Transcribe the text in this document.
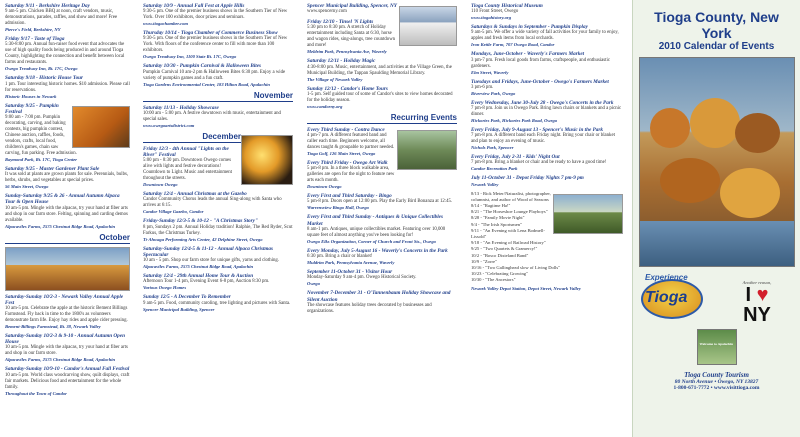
Saturday 9/11 - Berkshire Heritage Day
9 am-5 pm. Chicken BBQ at noon, craft vendors, music, demonstrations, parades, raffles, and show and more! Free admission.
Pierce's Field, Berkshire, NY
Friday 9/17 - Taste of Tioga
5:30-8:00 pm. Annual fun-raiser food event that advocates the use of high quality foods being produced in and around Tioga County, highlighting the connection and benefit between local farms and restaurants.
Owego Treadway Inn, Rt. 17C, Owego
Saturday 9/18 - Historic House Tour
1 pm. Tour interesting historic homes. $10 admission. Please call for reservations.
Historic Houses in Newark
Saturday 9/25 - Pumpkin Festival
9:00 am - 7:00 pm. Pumpkin decorating, carving, and baking contests, big pumpkin contest, Chinese auction, raffles, foods, vendors, crafts, local food, children's games, chain saw carving, fun parking. Free admission.
Raymond Park, Rt. 17C, Tioga Center
Saturday 9/25 - Master Gardener Plant Sale
It was sold at plants are grown plants for sale. Perennials, bulbs, herbs, shrubs, and vegetables at special prices.
56 Main Street, Owego
Sunday-Saturday 9/25 & 26 - Annual Autumn Alpaca Tour & Open House
10 am-5 pm. Mingle with the alpacas, try your hand at fiber arts and shop in our farm store. Felting, spinning and carding demos available.
Alpacaviles Farms, 2575 Chestnut Ridge Road, Apalachin
October
Saturday-Sunday 10/2-3 - Newark Valley Annual Apple Fest
10 am-5 pm. Celebrate the apple at the historic Bement Billings Farmstead. Fly back in time to the 1800's as volunteers demonstrate farm life. Enjoy hay rides and apple cider pressing.
Bement-Billings Farmstead, Rt. 38, Newark Valley
Saturday-Sunday 10/2-3 & 9-10 - Annual Autumn Open House
10 am-5 pm. Mingle with the alpacas, try your hand at fiber arts and shop in our farm store.
Alpacaviles Farms, 2575 Chestnut Ridge Road, Apalachin
Saturday-Sunday 10/9-10 - Candor's Annual Fall Festival
10 am-5 pm. World class woodcarving show, quilt displays, craft fair markets. Delicious food and entertainment for the whole family.
Throughout the Town of Candor
Saturday 10/9 - Annual Fall Fest at Apple Hills
9:30-5 pm. One of the premier business shows in the Southern Tier of New York. Over 100 exhibitors, door prizes and seminars.
www.tiogachamber.com
Thursday 10/14 - Tioga Chamber of Commerce Business Show
9:30-5 pm. One of the premier business shows in the Southern Tier of New York. With floors of the conference center to fill with more than 100 exhibitors.
Owego Treadway Inn, 1100 State Rt. 17C, Owego
Saturday 10/30 - Pumpkin Carnival & Halloween Bites
Pumpkin Carnival 10 am-2 pm & Halloween Bites 6:30 pm. Enjoy a wide variety of pumpkin games and a fun craft.
Tioga Gardens Environmental Center, 183 Hilton Road, Apalachin
November
Saturday 11/13 - Holiday Showcase
10:00 am - 5:00 pm. A festive downtown with music, entertainment and special sales.
www.owegoartsdistrict.com
December
Friday 12/3 - 4th Annual "Lights on the River" Festival
5:00 pm - 8:30 pm. Downtown Owego comes alive with lights and festive decorations! Countdown to Light. Music and entertainment throughout the streets.
Downtown Owego
Saturday 12/4 - Annual Christmas at the Gazebo
Candor Community Chorus leads the annual Sing-along with Santa who arrives at 6:15.
Candor Village Gazebo, Candor
Friday-Sunday 12/3-5 & 10-12 - "A Christmas Story"
8 pm, Sundays 2 pm. Annual Holiday tradition! Ralphie, The Red Ryder, Scut Farkus, the Christmas Turkey.
Ti-Ahwaga Performing Arts Center, 42 Delphine Street, Owego
Saturday-Sunday 12/4-5 & 11-12 - Annual Alpaca Christmas Spectacular
10 am - 5 pm. Shop our farm store for unique gifts, yarns and clothing.
Alpacaviles Farms, 2575 Chestnut Ridge Road, Apalachin
Saturday 12/4 - 29th Annual Home Tour & Auction
Afternoon Tour 1-4 pm, Evening Event 6-8 pm, Auction 8:30 pm.
Various Owego Homes
Sunday 12/5 - A December To Remember
9 am-5 pm. Food, community caroling, tree lighting and pictures with Santa.
Spencer Municipal Building, Spencer
Spencer Municipal Building, Spencer, NY
www.spencerny.com
Friday 12/10 - Tinsel 'N Lights
5:30 pm to 8:30 pm. A stretch of Holiday entertainment including Santa at 6:30, horse and wagon rides, sing-alongs, tree countdown and more!
Meldrim Park, Pennsylvania Ave, Waverly
Saturday 12/11 - Holiday Magic
4:30-8:00 pm. Music, entertainment, and activities at the Village Green, the Municipal Building, the Tappan Spaulding Memorial Library.
The Village of Newark Valley
Sunday 12/12 - Candor's Home Tours
1-5 pm. Self guided tour of some of Candor's sites to view homes decorated for the holiday season.
www.candorny.org
Recurring Events
Every Third Sunday - Contra Dance
4 pm-7 pm. A different featured band and caller each time. Beginners welcome, all dances taught & groupable to partner needed.
Tioga Golf, 126 Main Street, Owego
Every Third Friday - Owego Art Walk
5 pm-8 pm. In a three block walkable area, galleries are open for the night to feature new arts each month.
Downtown Owego
Every First and Third Saturday - Bingo
5 pm-8 pm. Doors open at 12:00 pm. Play the Early Bird Bonanza at 12:45.
Warrensview Bingo Hall, Owego
Every First and Third Sunday - Antiques & Unique Collectibles Market
8 am-1 pm. Antiques, unique collectibles market. Featuring over 10,000 square feet of almost anything you've been looking for!
Owego Elks Organization, Corner of Church and Front Sts., Owego
Every Monday, July 5-August 16 - Waverly's Concerts in the Park
6:30 pm. Bring a chair or blanket!
Muldrim Park, Pennsylvania Avenue, Waverly
September 11-October 31 - Visitor Hour
Monday-Saturday 9 am-4 pm. Owego Historical Society.
Owego
November 7-December 31 - O'Tannenbaum Holiday Showcase and Silent Auction
The showcase features holiday trees decorated by businesses and organizations.
Tioga County Historical Museum
110 Front Street, Owego
www.tiogahistory.org
Saturdays & Sundays in September - Pumpkin Display
9 am-5 pm. We offer a wide variety of fall activities for your family to enjoy, apples and fresh items from local orchards.
Iron Kettle Farm, 707 Owego Road, Candor
Mondays, June-October - Waverly's Farmers Market
3 pm-7 pm. Fresh local goods from farms, craftspeople, and enthusiastic gardeners.
Elm Street, Waverly
Tuesdays and Fridays, June-October - Owego's Farmers Market
3 pm-6 pm.
Riverview Park, Owego
Every Wednesday, June 30-July 28 - Owego's Concerts in the Park
7 pm-8 pm. Join us in Owego Park. Bring lawn chairs or blankets and a picnic dinner.
Hickories Park, Hickories Park Road, Owego
Every Friday, July 9-August 13 - Spencer's Music in the Park
7 pm-8 pm. A different band each Friday night. Bring your chair or blanket and plan to enjoy an evening of music.
Nichols Park, Spencer
Every Friday, July 2-31 - Kids' Night Out
7 pm-8 pm. Bring a blanket or chair and be ready to have a good time!
Candor Recreation Park
July 11-October 31 - Depot Friday Nights 7 pm-9 pm
Newark Valley
8/13 - Rick Meter/Naturalist, photographer, columnist, and author of Wood of Seasons
8/14 - "Ragtime Ha!"
8/21 - "The Horseshoe Lounge Playboys"
8/28 - "Family Movie Night"
9/4 - "The Irish Sportsmen"
9/11 - "An Evening with Lena Bodmell-Lissold"
9/18 - "An Evening of Railroad History"
9/25 - "Two Quartets & Gramercy!"
10/2 - "Bosco Dixieland Band"
10/9 - "Zorre"
10/16 - "Two Gallinghead slow of Living Dolls"
10/23 - "Celebrating Growing"
10/30 - "The Ancestors"
Newark Valley Depot Station, Depot Street, Newark Valley
Tioga County, New York
2010 Calendar of Events
Experience
Tioga
Another reason,
I ♥
NY
Welcome to Apalachin
Tioga County Tourism
80 North Avenue • Owego, NY 13827
1-800-671-7772 • www.visittioga.com
